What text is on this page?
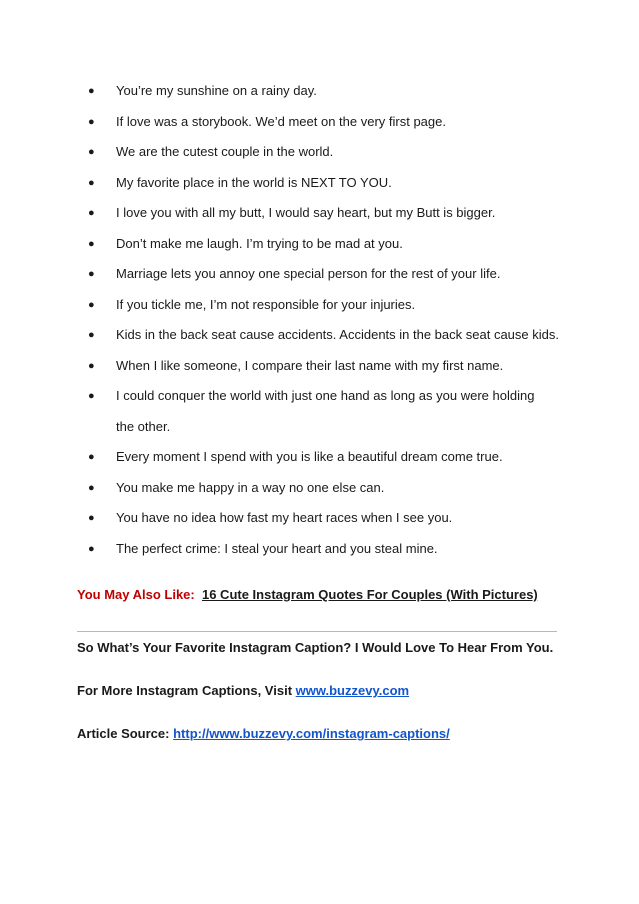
● You’re my sunshine on a rainy day.
● If love was a storybook. We’d meet on the very first page.
● We are the cutest couple in the world.
● My favorite place in the world is NEXT TO YOU.
● I love you with all my butt, I would say heart, but my Butt is bigger.
● Don’t make me laugh. I’m trying to be mad at you.
● Marriage lets you annoy one special person for the rest of your life.
● If you tickle me, I’m not responsible for your injuries.
● Kids in the back seat cause accidents. Accidents in the back seat cause kids.
● When I like someone, I compare their last name with my first name.
● I could conquer the world with just one hand as long as you were holding the other.
● Every moment I spend with you is like a beautiful dream come true.
● You make me happy in a way no one else can.
● You have no idea how fast my heart races when I see you.
● The perfect crime: I steal your heart and you steal mine.
You May Also Like: 16 Cute Instagram Quotes For Couples (With Pictures)
So What’s Your Favorite Instagram Caption? I Would Love To Hear From You.
For More Instagram Captions, Visit www.buzzevy.com
Article Source: http://www.buzzevy.com/instagram-captions/
